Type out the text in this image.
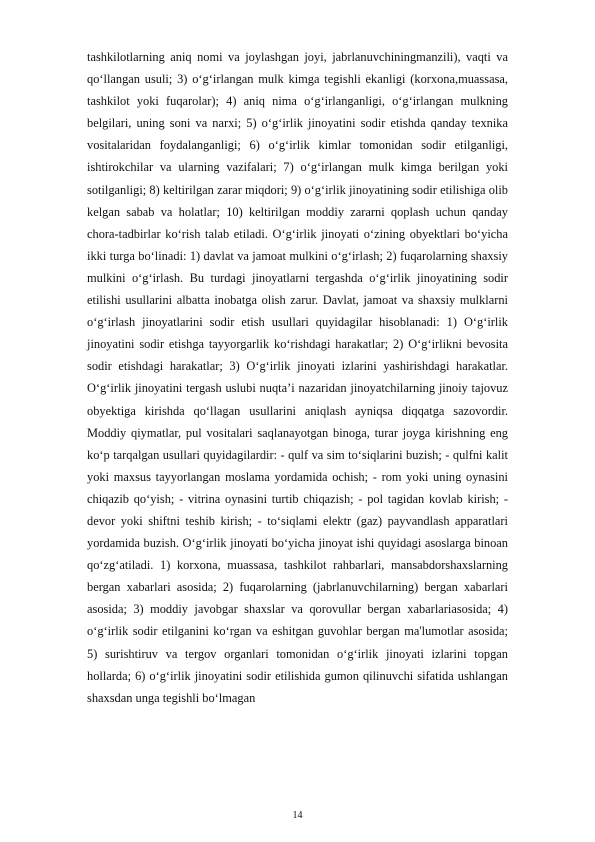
tashkilotlarning aniq nomi va joylashgan joyi, jabrlanuvchiningmanzili), vaqti va qo‘llangan usuli; 3) o‘g‘irlangan mulk kimga tegishli ekanligi (korxona,muassasa, tashkilot yoki fuqarolar); 4) aniq nima o‘g‘irlanganligi, o‘g‘irlangan mulkning belgilari, uning soni va narxi; 5) o‘g‘irlik jinoyatini sodir etishda qanday texnika vositalaridan foydalanganligi; 6) o‘g‘irlik kimlar tomonidan sodir etilganligi, ishtirokchilar va ularning vazifalari; 7) o‘g‘irlangan mulk kimga berilgan yoki sotilganligi; 8) keltirilgan zarar miqdori; 9) o‘g‘irlik jinoyatining sodir etilishiga olib kelgan sabab va holatlar; 10) keltirilgan moddiy zararni qoplash uchun qanday chora-tadbirlar ko‘rish talab etiladi. O‘g‘irlik jinoyati o‘zining obyektlari bo‘yicha ikki turga bo‘linadi: 1) davlat va jamoat mulkini o‘g‘irlash; 2) fuqarolarning shaxsiy mulkini o‘g‘irlash. Bu turdagi jinoyatlarni tergashda o‘g‘irlik jinoyatining sodir etilishi usullarini albatta inobatga olish zarur. Davlat, jamoat va shaxsiy mulklarni o‘g‘irlash jinoyatlarini sodir etish usullari quyidagilar hisoblanadi: 1) O‘g‘irlik jinoyatini sodir etishga tayyorgarlik ko‘rishdagi harakatlar; 2) O‘g‘irlikni bevosita sodir etishdagi harakatlar; 3) O‘g‘irlik jinoyati izlarini yashirishdagi harakatlar. O‘g‘irlik jinoyatini tergash uslubi nuqta’i nazaridan jinoyatchilarning jinoiy tajovuz obyektiga kirishda qo‘llagan usullarini aniqlash ayniqsa diqqatga sazovordir. Moddiy qiymatlar, pul vositalari saqlanayotgan binoga, turar joyga kirishning eng ko‘p tarqalgan usullari quyidagilardir: - qulf va sim to‘siqlarini buzish; - qulfni kalit yoki maxsus tayyorlangan moslama yordamida ochish; - rom yoki uning oynasini chiqazib qo‘yish; - vitrina oynasini turtib chiqazish; - pol tagidan kovlab kirish; - devor yoki shiftni teshib kirish; - to‘siqlami elektr (gaz) payvandlash apparatlari yordamida buzish. O‘g‘irlik jinoyati bo‘yicha jinoyat ishi quyidagi asoslarga binoan qo‘zg‘atiladi. 1) korxona, muassasa, tashkilot rahbarlari, mansabdorshaxslarning bergan xabarlari asosida; 2) fuqarolarning (jabrlanuvchilarning) bergan xabarlari asosida; 3) moddiy javobgar shaxslar va qorovullar bergan xabarlariasosida; 4) o‘g‘irlik sodir etilganini ko‘rgan va eshitgan guvohlar bergan ma'lumotlar asosida; 5) surishtiruv va tergov organlari tomonidan o‘g‘irlik jinoyati izlarini topgan hollarda; 6) o‘g‘irlik jinoyatini sodir etilishida gumon qilinuvchi sifatida ushlangan shaxsdan unga tegishli bo‘lmagan

14
